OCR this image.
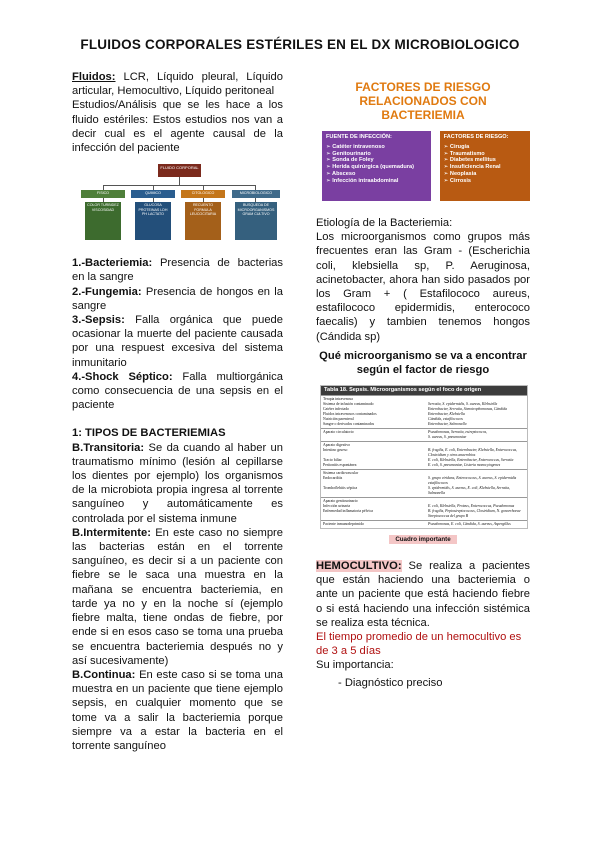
FLUIDOS CORPORALES ESTÉRILES EN EL DX MICROBIOLOGICO

Fluidos: LCR, Líquido pleural, Líquido articular, Hemocultivo, Líquido peritoneal

Estudios/Análisis que se les hace a los fluido estériles: Estos estudios nos van a decir cual es el agente causal de la infección del paciente

FLUIDO CORPORAL
FISICO	QUIMICO	CITOLOGICO	MICROBIOLOGICO
COLOR TURBIDEZ VISCOSIDAD
GLUCOSA PROTEINAS LDH PH LACTATO
RECUENTO FORMULA LEUCOCITARIA
BUSQUEDA DE MICROORGANISMOS GRAM CULTIVO

1.-Bacteriemia: Presencia de bacterias en la sangre

2.-Fungemia: Presencia de hongos en la sangre

3.-Sepsis: Falla orgánica que puede ocasionar la muerte del paciente causada por una respuest excesiva del sistema inmunitario

4.-Shock Séptico: Falla multiorgánica como consecuencia de una sepsis en el paciente

1: TIPOS DE BACTERIEMIAS

B.Transitoria: Se da cuando al haber un traumatismo mínimo (lesión al cepillarse los dientes por ejemplo) los organismos de la microbiota propia ingresa al torrente sanguíneo y automáticamente es controlada por el sistema inmune

B.Intermitente: En este caso no siempre las bacterias están en el torrente sanguíneo, es decir si a un paciente con fiebre se le saca una muestra en la mañana se encuentra bacteriemia, en tarde ya no y en la noche sí (ejemplo fiebre malta, tiene ondas de fiebre, por ende si en esos caso se toma una prueba se encuentra bacteriemia después no y así sucesivamente)

B.Continua: En este caso si se toma una muestra en un paciente que tiene ejemplo sepsis, en cualquier momento que se tome va a salir la bacteriemia porque siempre va a estar la bacteria en el torrente sanguíneo

FACTORES DE RIESGO
RELACIONADOS CON
BACTERIEMIA
FUENTE DE INFECCIÓN:
➢ Catéter intravenoso
➢ Genitourinario
➢ Sonda de Foley
➢ Herida quirúrgica (quemadura)
➢ Absceso
➢ Infección intraabdominal
FACTORES DE RIESGO:
➢ Cirugía
➢ Traumatismo
➢ Diabetes mellitus
➢ Insuficiencia Renal
➢ Neoplasia
➢ Cirrosis

Etiología de la Bacteriemia:

Los microorganismos como grupos más frecuentes eran las Gram - (Escherichia coli, klebsiella sp, P. Aeruginosa, acinetobacter, ahora han sido pasados por los Gram + ( Estafilococo aureus, estafilococo epidermidis, enterococo faecalis) y tambien tenemos hongos (Cándida sp)

Qué microorganismo se va a encontrar
según el factor de riesgo
Tabla 18. Sepsis. Microorganismos según el foco de origen
Terapia intravenosa
Sistema de infusión contaminado	Serratia, S. epidermidis, S. aureus, Klebsiella
Catéter infectado	Enterobacter, Serratia, Stenotrophomonas, Cándida
Fluidos intravenosos contaminados	Enterobacter, Klebsiella
Nutrición parenteral	Cándida, estafilococos
Sangre o derivados contaminados	Enterobacter, Salmonella
Aparato circulatorio	Pseudomonas, Serratia, estreptococos,
S. aureus, S. pneumoniae
Aparato digestivo
Intestino grueso	B. fragilis, E. coli, Enterobacter, Klebsiella, Enterococcus, Clostridium y otros anaerobios
Tracto biliar	E. coli, Klebsiella, Enterobacter, Enterococcus, Serratia
Peritonitis espontánea	E. coli, S. pneumoniae, Listeria monocytogenes
Sistema cardiovascular
Endocarditis	S. grupo viridans, Enterococcus, S. aureus, S. epidermidis
estafilococos
Tromboflebitis séptica	S. epidermidis, S. aureus, E. coli, Klebsiella, Serratia, Salmonella
Aparato genitourinario
Infección urinaria	E. coli, Klebsiella, Proteus, Enterococcus, Pseudomonas
Enfermedad inflamatoria pélvica	B. fragilis, Peptostreptococcus, Clostridium, N. gonorrhoeae
Streptococcus del grupo B
Paciente inmunodeprimido	Pseudomonas, E. coli, Cándida, S. aureus, Aspergillus
Cuadro importante
HEMOCULTIVO: Se realiza a pacientes que están haciendo una bacteriemia o ante un paciente que está haciendo fiebre o si está haciendo una infección sistémica se realiza esta técnica.

El tiempo promedio de un hemocultivo es de 3 a 5 días

Su importancia:

- Diagnóstico preciso
